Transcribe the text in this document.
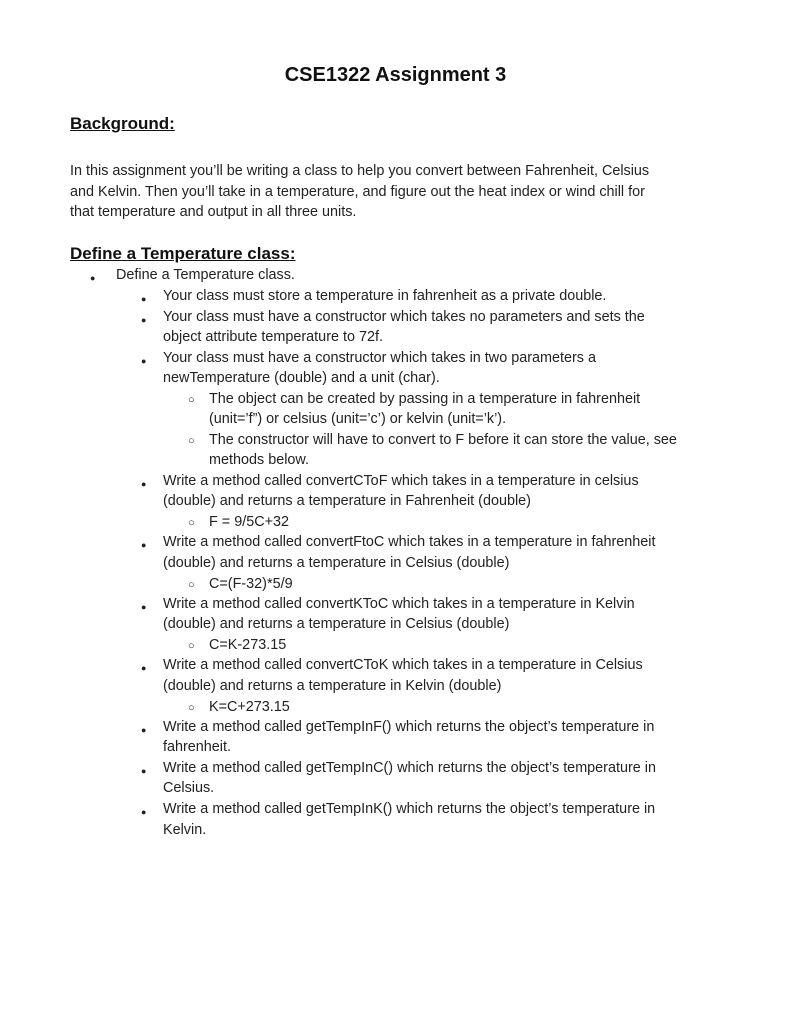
CSE1322 Assignment 3
Background:
In this assignment you’ll be writing a class to help you convert between Fahrenheit, Celsius
and Kelvin. Then you’ll take in a temperature, and figure out the heat index or wind chill for
that temperature and output in all three units.
Define a Temperature class:
●
Define a Temperature class.
●
Your class must store a temperature in fahrenheit as a private double.
●
Your class must have a constructor which takes no parameters and sets the
object attribute temperature to 72f.
●
Your class must have a constructor which takes in two parameters a
newTemperature (double) and a unit (char).
○
The object can be created by passing in a temperature in fahrenheit
(unit=’f”) or celsius (unit=’c’) or kelvin (unit=’k’).
○
The constructor will have to convert to F before it can store the value, see
methods below.
●
Write a method called convertCToF which takes in a temperature in celsius
(double) and returns a temperature in Fahrenheit (double)
○
F = 9/5C+32
●
Write a method called convertFtoC which takes in a temperature in fahrenheit
(double) and returns a temperature in Celsius (double)
○
C=(F-32)*5/9
●
Write a method called convertKToC which takes in a temperature in Kelvin
(double) and returns a temperature in Celsius (double)
○
C=K-273.15
●
Write a method called convertCToK which takes in a temperature in Celsius
(double) and returns a temperature in Kelvin (double)
○
K=C+273.15
●
Write a method called getTempInF() which returns the object’s temperature in
fahrenheit.
●
Write a method called getTempInC() which returns the object’s temperature in
Celsius.
●
Write a method called getTempInK() which returns the object’s temperature in
Kelvin.
